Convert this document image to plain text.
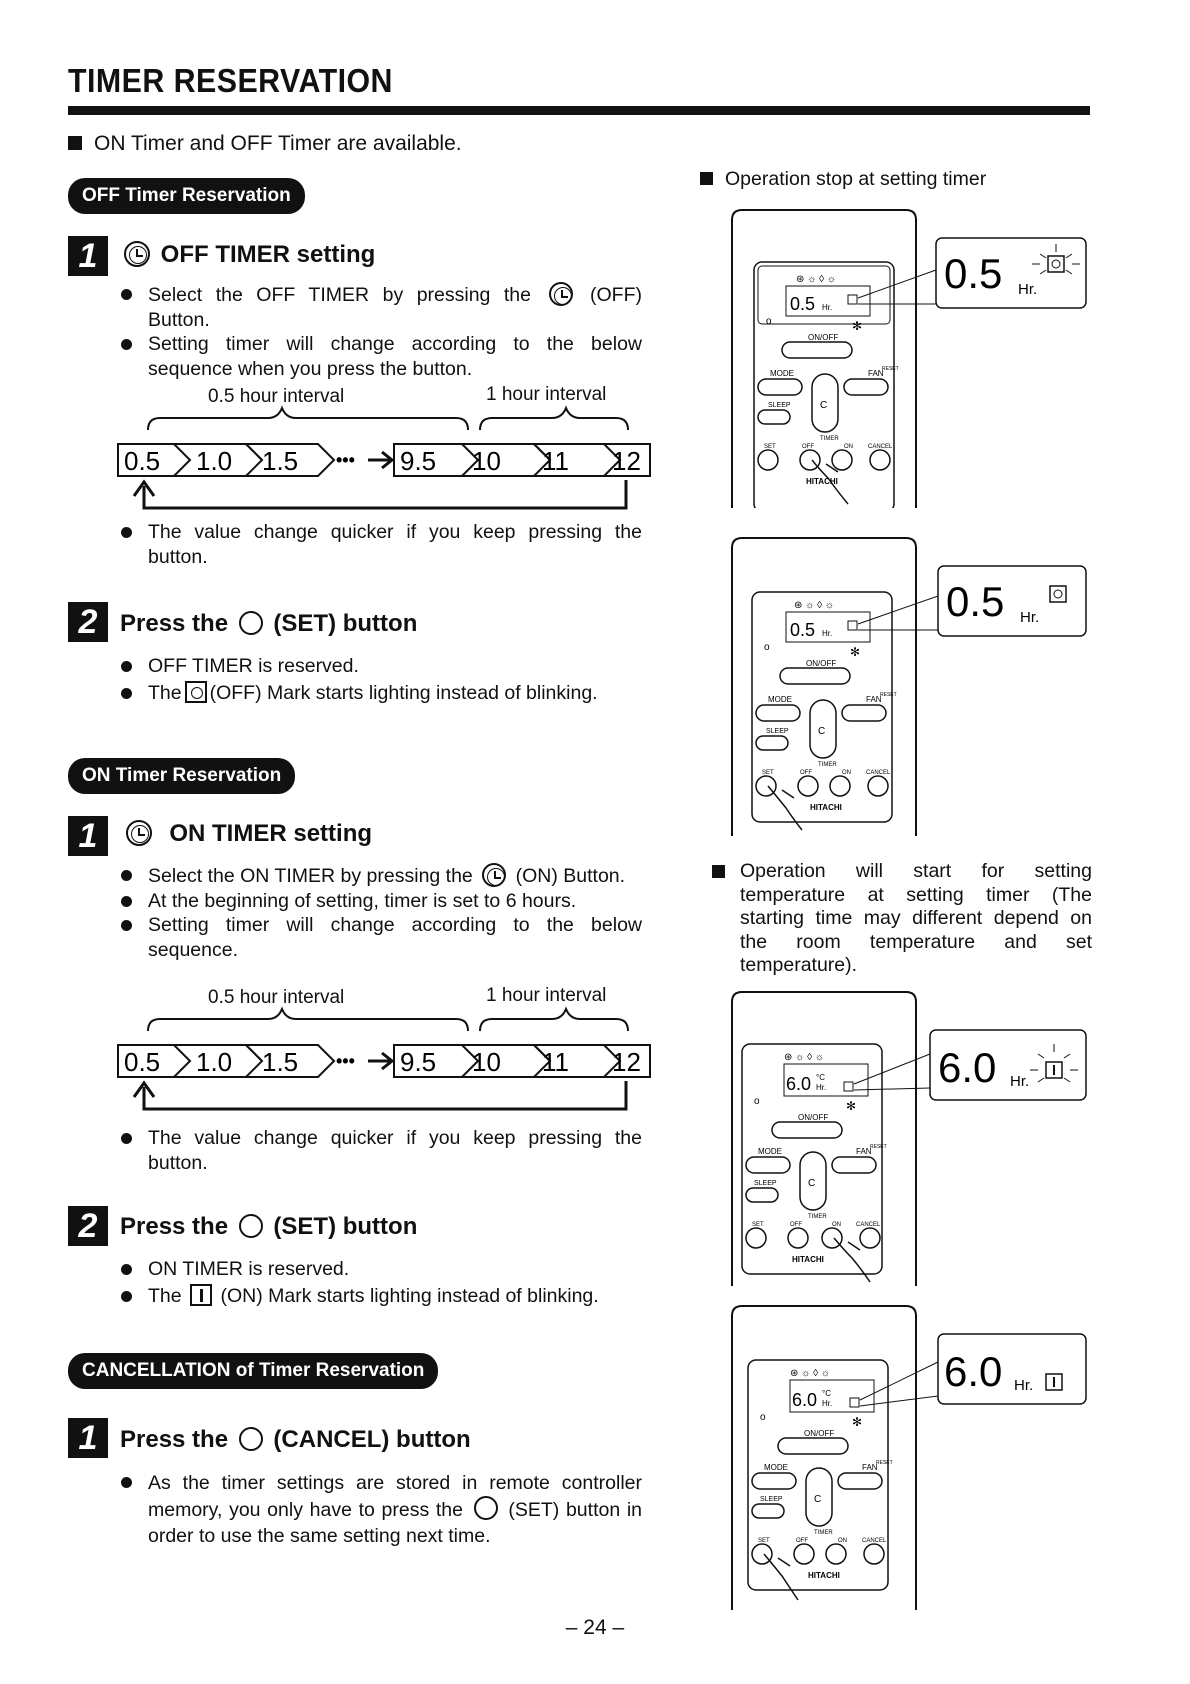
TIMER RESERVATION
ON Timer and OFF Timer are available.
OFF Timer Reservation
1	OFF TIMER setting
Select the OFF TIMER by pressing the	(OFF) Button.
Setting timer will change according to the below sequence when you press the button.
0.5 hour interval	1 hour interval
0.5 1.0 1.5 ••• 9.5 10 11 12
The value change quicker if you keep pressing the button.
2 Press the (SET) button
OFF TIMER is reserved.
The (OFF) Mark starts lighting instead of blinking.
ON Timer Reservation
1	ON TIMER setting
Select the ON TIMER by pressing the (ON) Button.
At the beginning of setting, timer is set to 6 hours.
Setting timer will change according to the below sequence.
0.5 hour interval	1 hour interval
0.5 1.0 1.5 ••• 9.5 10 11 12
The value change quicker if you keep pressing the button.
2 Press the (SET) button
ON TIMER is reserved.
The (ON) Mark starts lighting instead of blinking.
CANCELLATION of Timer Reservation
1 Press the (CANCEL) button
As the timer settings are stored in remote controller memory, you only have to press the (SET) button in order to use the same setting next time.
Operation stop at setting timer
Operation will start for setting temperature at setting timer (The starting time may different depend on the room temperature and set temperature).
⊛ ☼ ◊ ☼
0.5 Hr.
o	✻
ON/OFF
RESET
MODE	FAN
C
SLEEP
TIMER
SET	OFF	ON	CANCEL
HITACHI
0.5 Hr.
⊛ ☼ ◊ ☼
0.5 Hr.
o	✻
ON/OFF
RESET
MODE	FAN
C
SLEEP
TIMER
SET	OFF	ON	CANCEL
HITACHI
0.5 Hr.
⊛ ☼ ◊ ☼
6.0 °C
Hr.
o	✻
ON/OFF
RESET
MODE	FAN
C
SLEEP
TIMER
SET	OFF	ON	CANCEL
HITACHI
6.0 Hr.
⊛ ☼ ◊ ☼
6.0 °C
Hr.
o	✻
ON/OFF
RESET
MODE	FAN
C
SLEEP
TIMER
SET	OFF	ON	CANCEL
HITACHI
6.0 Hr.
– 24 –
